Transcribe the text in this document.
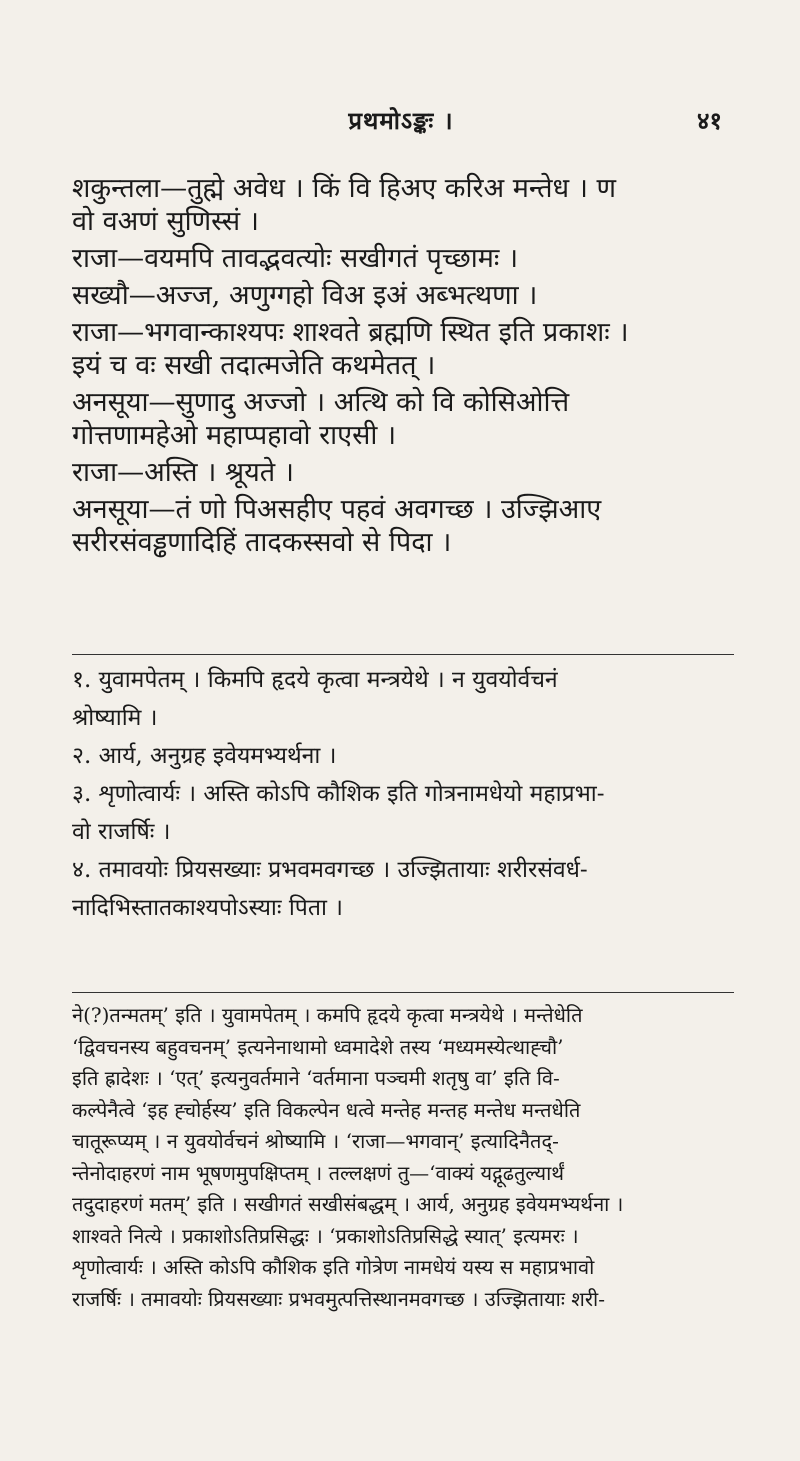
प्रथमोऽङ्कः ।	४१

शकुन्तला—तुह्मे अवेध । किं वि हिअए करिअ मन्तेध । ण

वो वअणं सुणिस्सं ।

राजा—वयमपि तावद्भवत्योः सखीगतं पृच्छामः ।

सख्यौ—अज्ज, अणुग्गहो विअ इअं अब्भत्थणा ।

राजा—भगवान्काश्यपः शाश्वते ब्रह्मणि स्थित इति प्रकाशः ।

इयं च वः सखी तदात्मजेति कथमेतत् ।

अनसूया—सुणादु अज्जो । अत्थि को वि कोसिओत्ति

गोत्तणामहेओ महाप्पहावो राएसी ।

राजा—अस्ति । श्रूयते ।

अनसूया—तं णो पिअसहीए पहवं अवगच्छ । उज्झिआए

सरीरसंवड्ढणादिहिं तादकस्सवो से पिदा ।

१. युवामपेतम् । किमपि हृदये कृत्वा मन्त्रयेथे । न युवयोर्वचनं

श्रोष्यामि ।

२. आर्य, अनुग्रह इवेयमभ्यर्थना ।

३. शृणोत्वार्यः । अस्ति कोऽपि कौशिक इति गोत्रनामधेयो महाप्रभा-

वो राजर्षिः ।

४. तमावयोः प्रियसख्याः प्रभवमवगच्छ । उज्झितायाः शरीरसंवर्ध-

नादिभिस्तातकाश्यपोऽस्याः पिता ।

ने(?)तन्मतम्’ इति । युवामपेतम् । कमपि हृदये कृत्वा मन्त्रयेथे । मन्तेधेति

‘द्विवचनस्य बहुवचनम्’ इत्यनेनाथामो ध्वमादेशे तस्य ‘मध्यमस्येत्थाह्चौ’

इति ह्रादेशः । ‘एत्’ इत्यनुवर्तमाने ‘वर्तमाना पञ्चमी शतृषु वा’ इति वि-

कल्पेनैत्वे ‘इह ह्चोर्हस्य’ इति विकल्पेन धत्वे मन्तेह मन्तह मन्तेध मन्तधेति

चातूरूप्यम् । न युवयोर्वचनं श्रोष्यामि । ‘राजा—भगवान्’ इत्यादिनैतद्-

न्तेनोदाहरणं नाम भूषणमुपक्षिप्तम् । तल्लक्षणं तु—‘वाक्यं यद्गूढतुल्यार्थं

तदुदाहरणं मतम्’ इति । सखीगतं सखीसंबद्धम् । आर्य, अनुग्रह इवेयमभ्यर्थना ।

शाश्वते नित्ये । प्रकाशोऽतिप्रसिद्धः । ‘प्रकाशोऽतिप्रसिद्धे स्यात्’ इत्यमरः ।

शृणोत्वार्यः । अस्ति कोऽपि कौशिक इति गोत्रेण नामधेयं यस्य स महाप्रभावो

राजर्षिः । तमावयोः प्रियसख्याः प्रभवमुत्पत्तिस्थानमवगच्छ । उज्झितायाः शरी-
